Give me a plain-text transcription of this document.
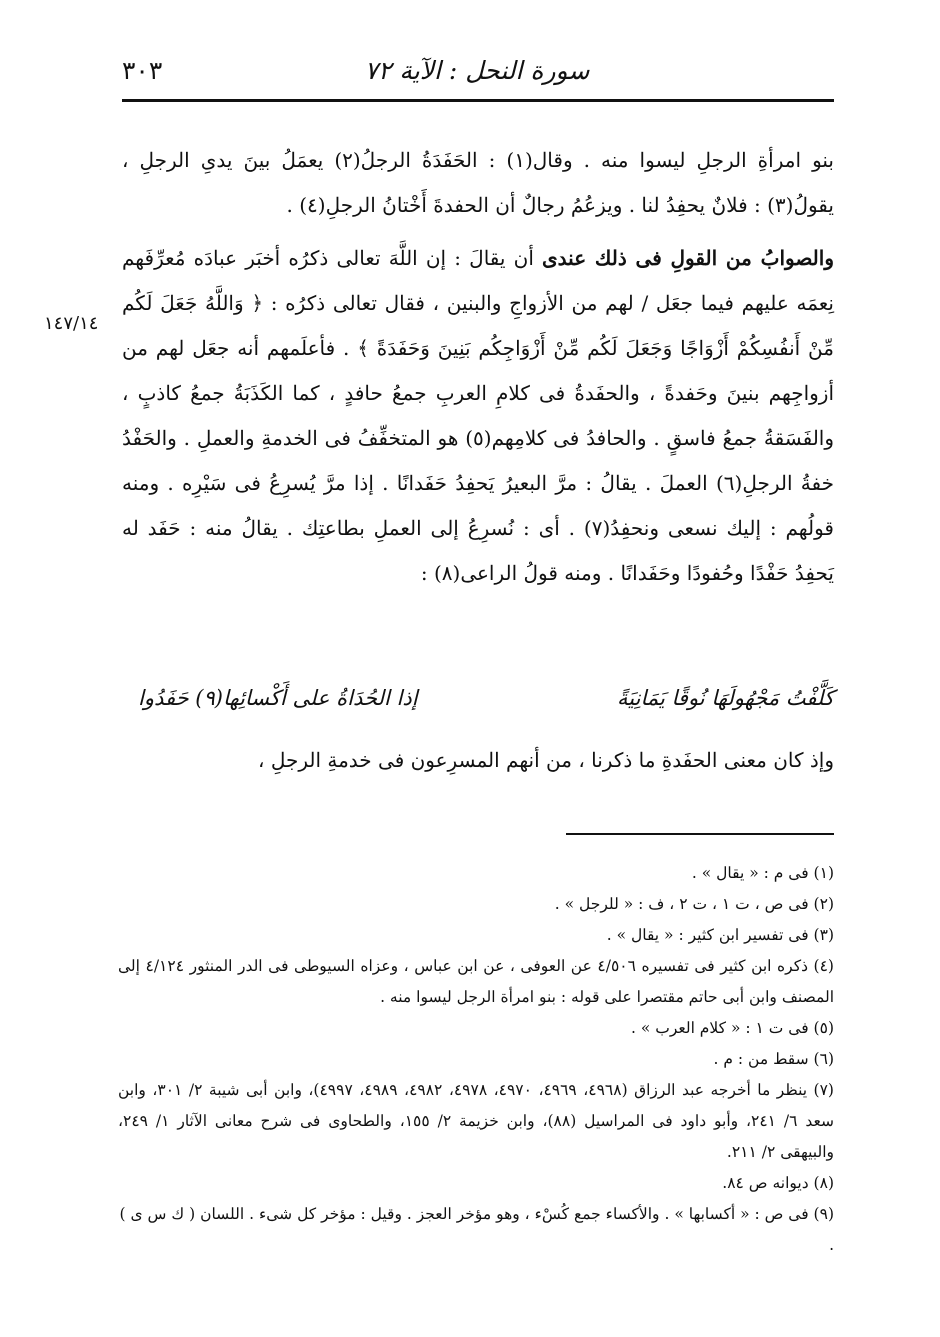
٣٠٣	سورة النحل : الآية ٧٢
١٤٧/١٤

بنو امرأةِ الرجلِ ليسوا منه . وقال(١) : الحَفَدَةُ الرجلُ(٢) يعمَلُ بينَ يدىِ الرجلِ ، يقولُ(٣) : فلانٌ يحفِدُ لنا . ويزعُمُ رجالٌ أن الحفدةَ أَخْتانُ الرجلِ(٤) .

والصوابُ من القولِ فى ذلك عندى أن يقالَ : إن اللَّهَ تعالى ذكرُه أخبَر عبادَه مُعرِّفَهم نِعمَه عليهم فيما جعَل / لهم من الأزواجِ والبنين ، فقال تعالى ذكرُه : ﴿ وَاللَّهُ جَعَلَ لَكُم مِّنْ أَنفُسِكُمْ أَزْوَاجًا وَجَعَلَ لَكُم مِّنْ أَزْوَاجِكُم بَنِينَ وَحَفَدَةً ﴾ . فأعلَمهم أنه جعَل لهم من أزواجِهم بنينَ وحَفدةً ، والحفَدةُ فى كلامِ العربِ جمعُ حافدٍ ، كما الكَذَبَةُ جمعُ كاذبٍ ، والفَسَقةُ جمعُ فاسقٍ . والحافدُ فى كلامِهم(٥) هو المتخفِّفُ فى الخدمةِ والعملِ . والحَفْدُ خفةُ الرجلِ(٦) العملَ . يقالُ : مرَّ البعيرُ يَحفِدُ حَفَدانًا . إذا مرَّ يُسرِعُ فى سَيْرِه . ومنه قولُهم : إليك نسعى ونحفِدُ(٧) . أى : نُسرِعُ إلى العملِ بطاعتِك . يقالُ منه : حَفَد له يَحفِدُ حَفْدًا وحُفودًا وحَفَدانًا . ومنه قولُ الراعى(٨) :

كَلَّفْتُ مَجْهُولَهَا نُوقًا يَمَانِيَةً
إذا الحُدَاةُ على أَكْسائِها(٩) حَفَدُوا
وإذ كان معنى الحفَدةِ ما ذكرنا ، من أنهم المسرِعون فى خدمةِ الرجلِ ،

(١) فى م : « يقال » .

(٢) فى ص ، ت ١ ، ت ٢ ، ف : « للرجل » .

(٣) فى تفسير ابن كثير : « يقال » .

(٤) ذكره ابن كثير فى تفسيره ٤/٥٠٦ عن العوفى ، عن ابن عباس ، وعزاه السيوطى فى الدر المنثور ٤/١٢٤ إلى المصنف وابن أبى حاتم مقتصرا على قوله : بنو امرأة الرجل ليسوا منه .

(٥) فى ت ١ : « كلام العرب » .

(٦) سقط من : م .

(٧) ينظر ما أخرجه عبد الرزاق (٤٩٦٨، ٤٩٦٩، ٤٩٧٠، ٤٩٧٨، ٤٩٨٢، ٤٩٨٩، ٤٩٩٧)، وابن أبى شيبة ٢/ ٣٠١، وابن سعد ٦/ ٢٤١، وأبو داود فى المراسيل (٨٨)، وابن خزيمة ٢/ ١٥٥، والطحاوى فى شرح معانى الآثار ١/ ٢٤٩، والبيهقى ٢/ ٢١١.

(٨) ديوانه ص ٨٤.

(٩) فى ص : « أكسابها » . والأكساء جمع كُسْء ، وهو مؤخر العجز . وقيل : مؤخر كل شىء . اللسان ( ك س ى ) .
